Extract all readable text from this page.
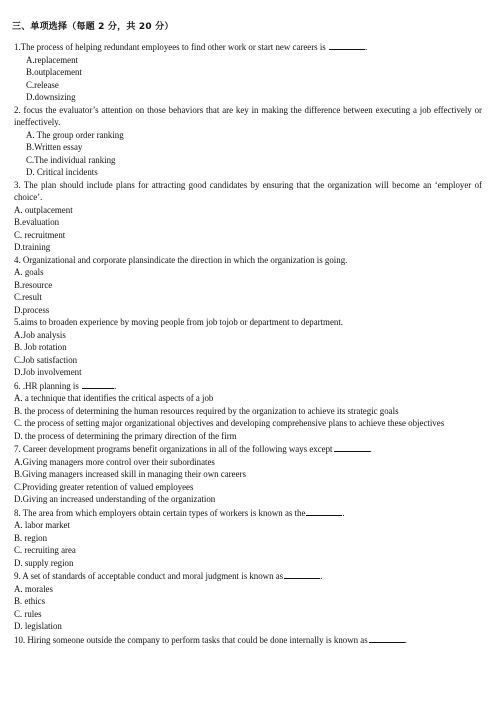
三、单项选择（每题 2 分，共 20 分）
1.The process of helping redundant employees to find other work or start new careers is	.
A.replacement
B.outplacement
C.release
D.downsizing
2. focus the evaluator’s attention on those behaviors that are key in making the difference between executing a job effectively or ineffectively.
A. The group order ranking
B.Written essay
C.The individual ranking
D. Critical incidents
3. The plan should include plans for attracting good candidates by ensuring that the organization will become an ‘employer of choice’.
A. outplacement
B.evaluation
C. recruitment
D.training
4. Organizational and corporate plansindicate the direction in which the organization is going.
A. goals
B.resource
C.result
D.process
5.aims to broaden experience by moving people from job tojob or department to department.
A.Job analysis
B. Job rotation
C.Job satisfaction
D.Job involvement
6. .HR planning is	.
A. a technique that identifies the critical aspects of a job
B. the process of determining the human resources required by the organization to achieve its strategic goals
C. the process of setting major organizational objectives and developing comprehensive plans to achieve these objectives
D. the process of determining the primary direction of the firm
7. Career development programs benefit organizations in all of the following ways except	.
A.Giving managers more control over their subordinates
B.Giving managers increased skill in managing their own careers
C.Providing greater retention of valued employees
D.Giving an increased understanding of the organization
8. The area from which employers obtain certain types of workers is known as the	.
A. labor market
B. region
C. recruiting area
D. supply region
9. A set of standards of acceptable conduct and moral judgment is known as	.
A. morales
B. ethics
C. rules
D. legislation
10. Hiring someone outside the company to perform tasks that could be done internally is known as	.
